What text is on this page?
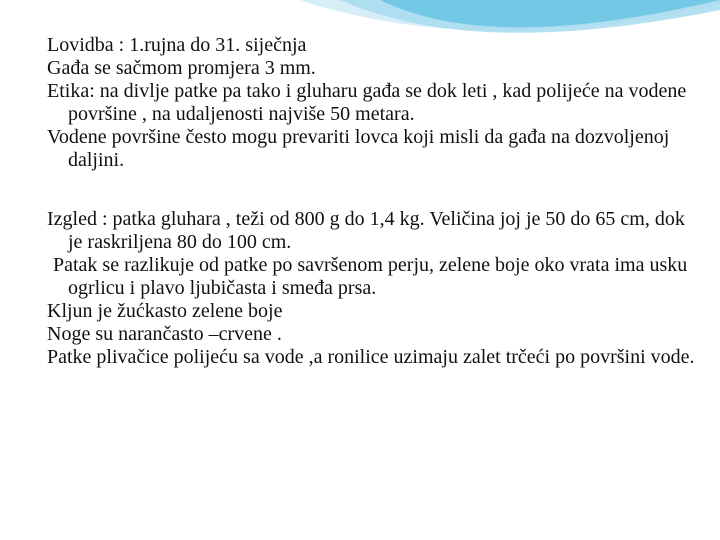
Lovidba : 1.rujna do 31. siječnja

Gađa se sačmom promjera 3 mm.

Etika: na divlje patke pa tako i gluharu gađa se dok leti , kad polijeće na vodene površine , na udaljenosti najviše 50 metara.

Vodene površine često mogu prevariti lovca koji misli da gađa na dozvoljenoj daljini.

Izgled : patka gluhara , teži od 800 g do 1,4 kg. Veličina joj je 50 do 65 cm, dok je raskriljena 80 do 100 cm.

Patak se razlikuje od patke po savršenom perju, zelene boje oko vrata ima usku ogrlicu i plavo ljubičasta i smeđa prsa.

Kljun je žućkasto zelene boje

Noge su narančasto –crvene .

Patke plivačice polijeću sa vode ,a ronilice uzimaju zalet trčeći po površini vode.
